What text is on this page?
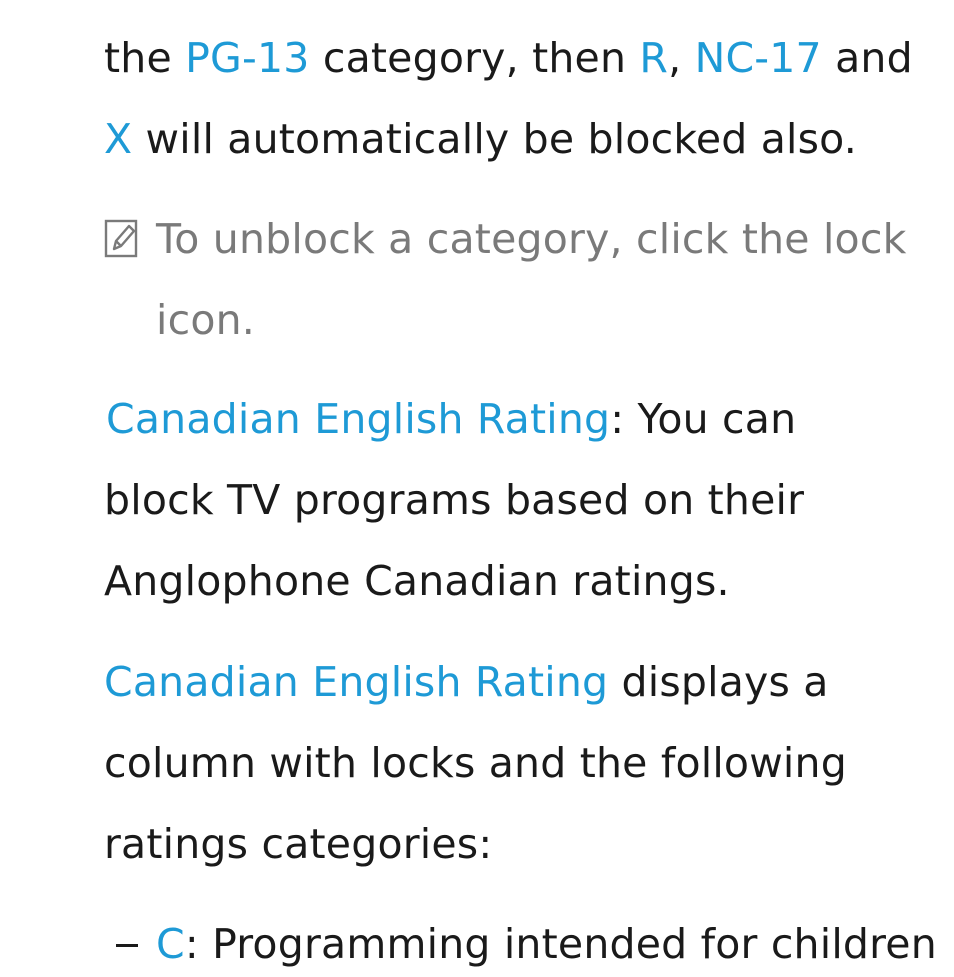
the PG-13 category, then R, NC-17 and
X will automatically be blocked also.
To unblock a category, click the lock
icon.
Canadian English Rating: You can
block TV programs based on their
Anglophone Canadian ratings.
Canadian English Rating displays a
column with locks and the following
ratings categories:
C: Programming intended for children
